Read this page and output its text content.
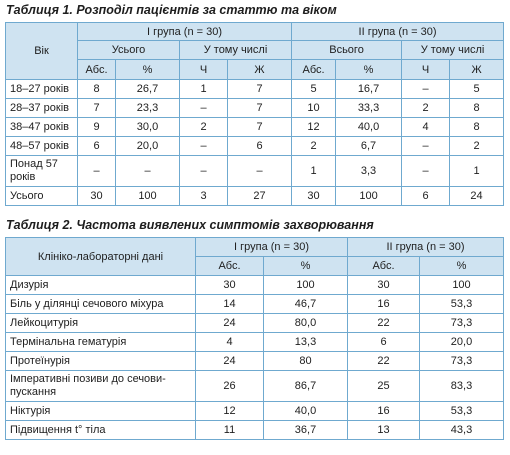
Таблиця 1. Розподіл пацієнтів за статтю та віком
Вік	I група (n = 30)				II група (n = 30)			
	Усього		У тому числі		Всього		У тому числі	
	Абс.	%	Ч	Ж	Абс.	%	Ч	Ж
18–27 років	8	26,7	1	7	5	16,7	–	5
28–37 років	7	23,3	–	7	10	33,3	2	8
38–47 років	9	30,0	2	7	12	40,0	4	8
48–57 років	6	20,0	–	6	2	6,7	–	2
Понад 57 років	–	–	–	–	1	3,3	–	1
Усього	30	100	3	27	30	100	6	24
Таблиця 2. Частота виявлених симптомів захворювання
Клініко-лабораторні дані	I група (n = 30)		II група (n = 30)	
	Абс.	%	Абс.	%
Дизурія	30	100	30	100
Біль у ділянці сечового міхура	14	46,7	16	53,3
Лейкоцитурія	24	80,0	22	73,3
Термінальна гематурія	4	13,3	6	20,0
Протеїнурія	24	80	22	73,3
Імперативні позиви до сечови-пускання	26	86,7	25	83,3
Ніктурія	12	40,0	16	53,3
Підвищення t° тіла	11	36,7	13	43,3
